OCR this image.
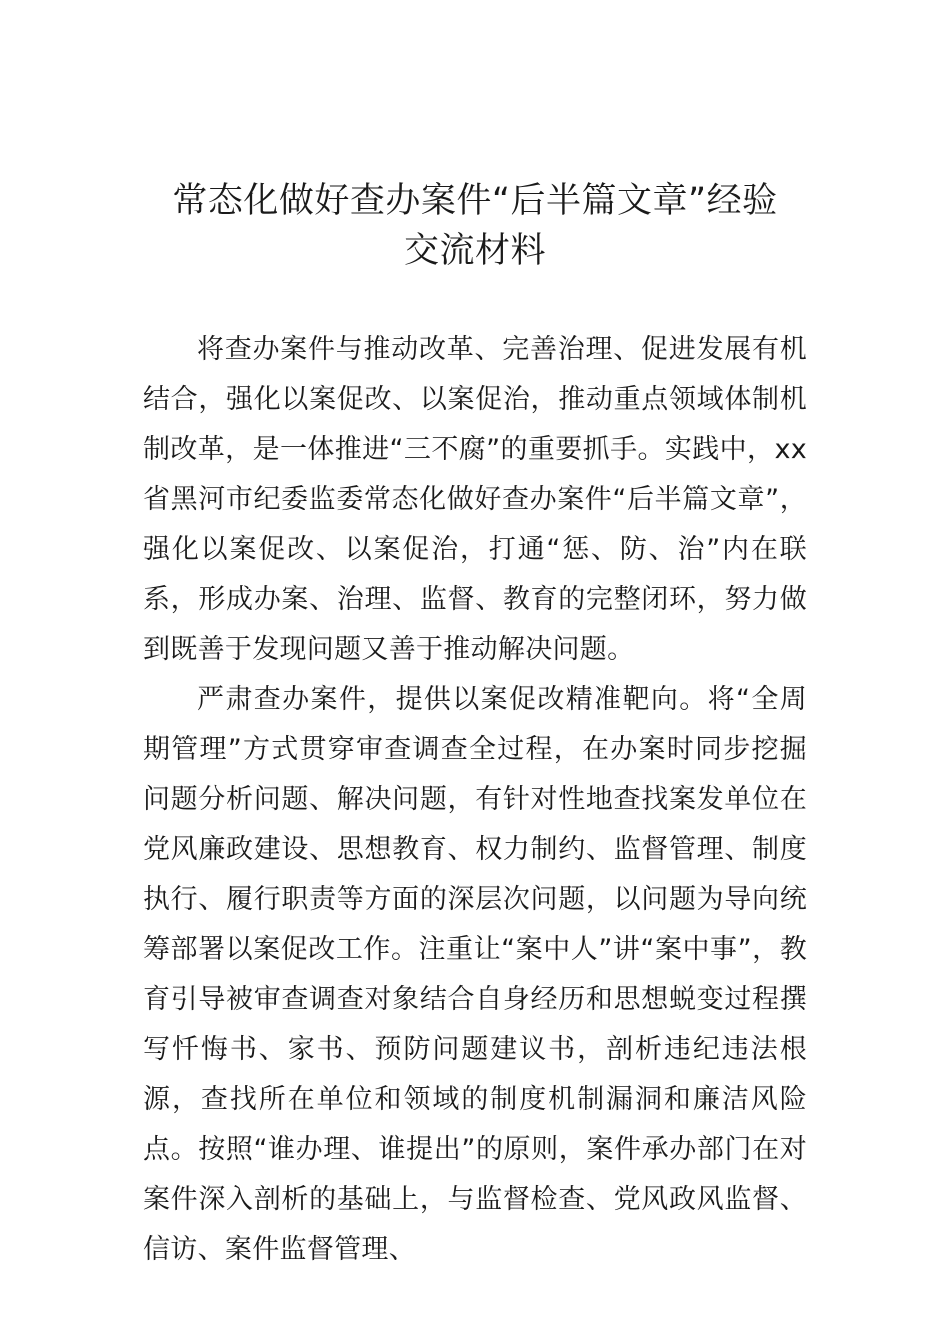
常态化做好查办案件“后半篇文章”经验
交流材料

将查办案件与推动改革、完善治理、促进发展有机结合，强化以案促改、以案促治，推动重点领域体制机制改革，是一体推进“三不腐”的重要抓手。实践中，xx省黑河市纪委监委常态化做好查办案件“后半篇文章”，强化以案促改、以案促治，打通“惩、防、治”内在联系，形成办案、治理、监督、教育的完整闭环，努力做到既善于发现问题又善于推动解决问题。

严肃查办案件，提供以案促改精准靶向。将“全周期管理”方式贯穿审查调查全过程，在办案时同步挖掘问题分析问题、解决问题，有针对性地查找案发单位在党风廉政建设、思想教育、权力制约、监督管理、制度执行、履行职责等方面的深层次问题，以问题为导向统筹部署以案促改工作。注重让“案中人”讲“案中事”，教育引导被审查调查对象结合自身经历和思想蜕变过程撰写忏悔书、家书、预防问题建议书，剖析违纪违法根源，查找所在单位和领域的制度机制漏洞和廉洁风险点。按照“谁办理、谁提出”的原则，案件承办部门在对案件深入剖析的基础上，与监督检查、党风政风监督、信访、案件监督管理、
